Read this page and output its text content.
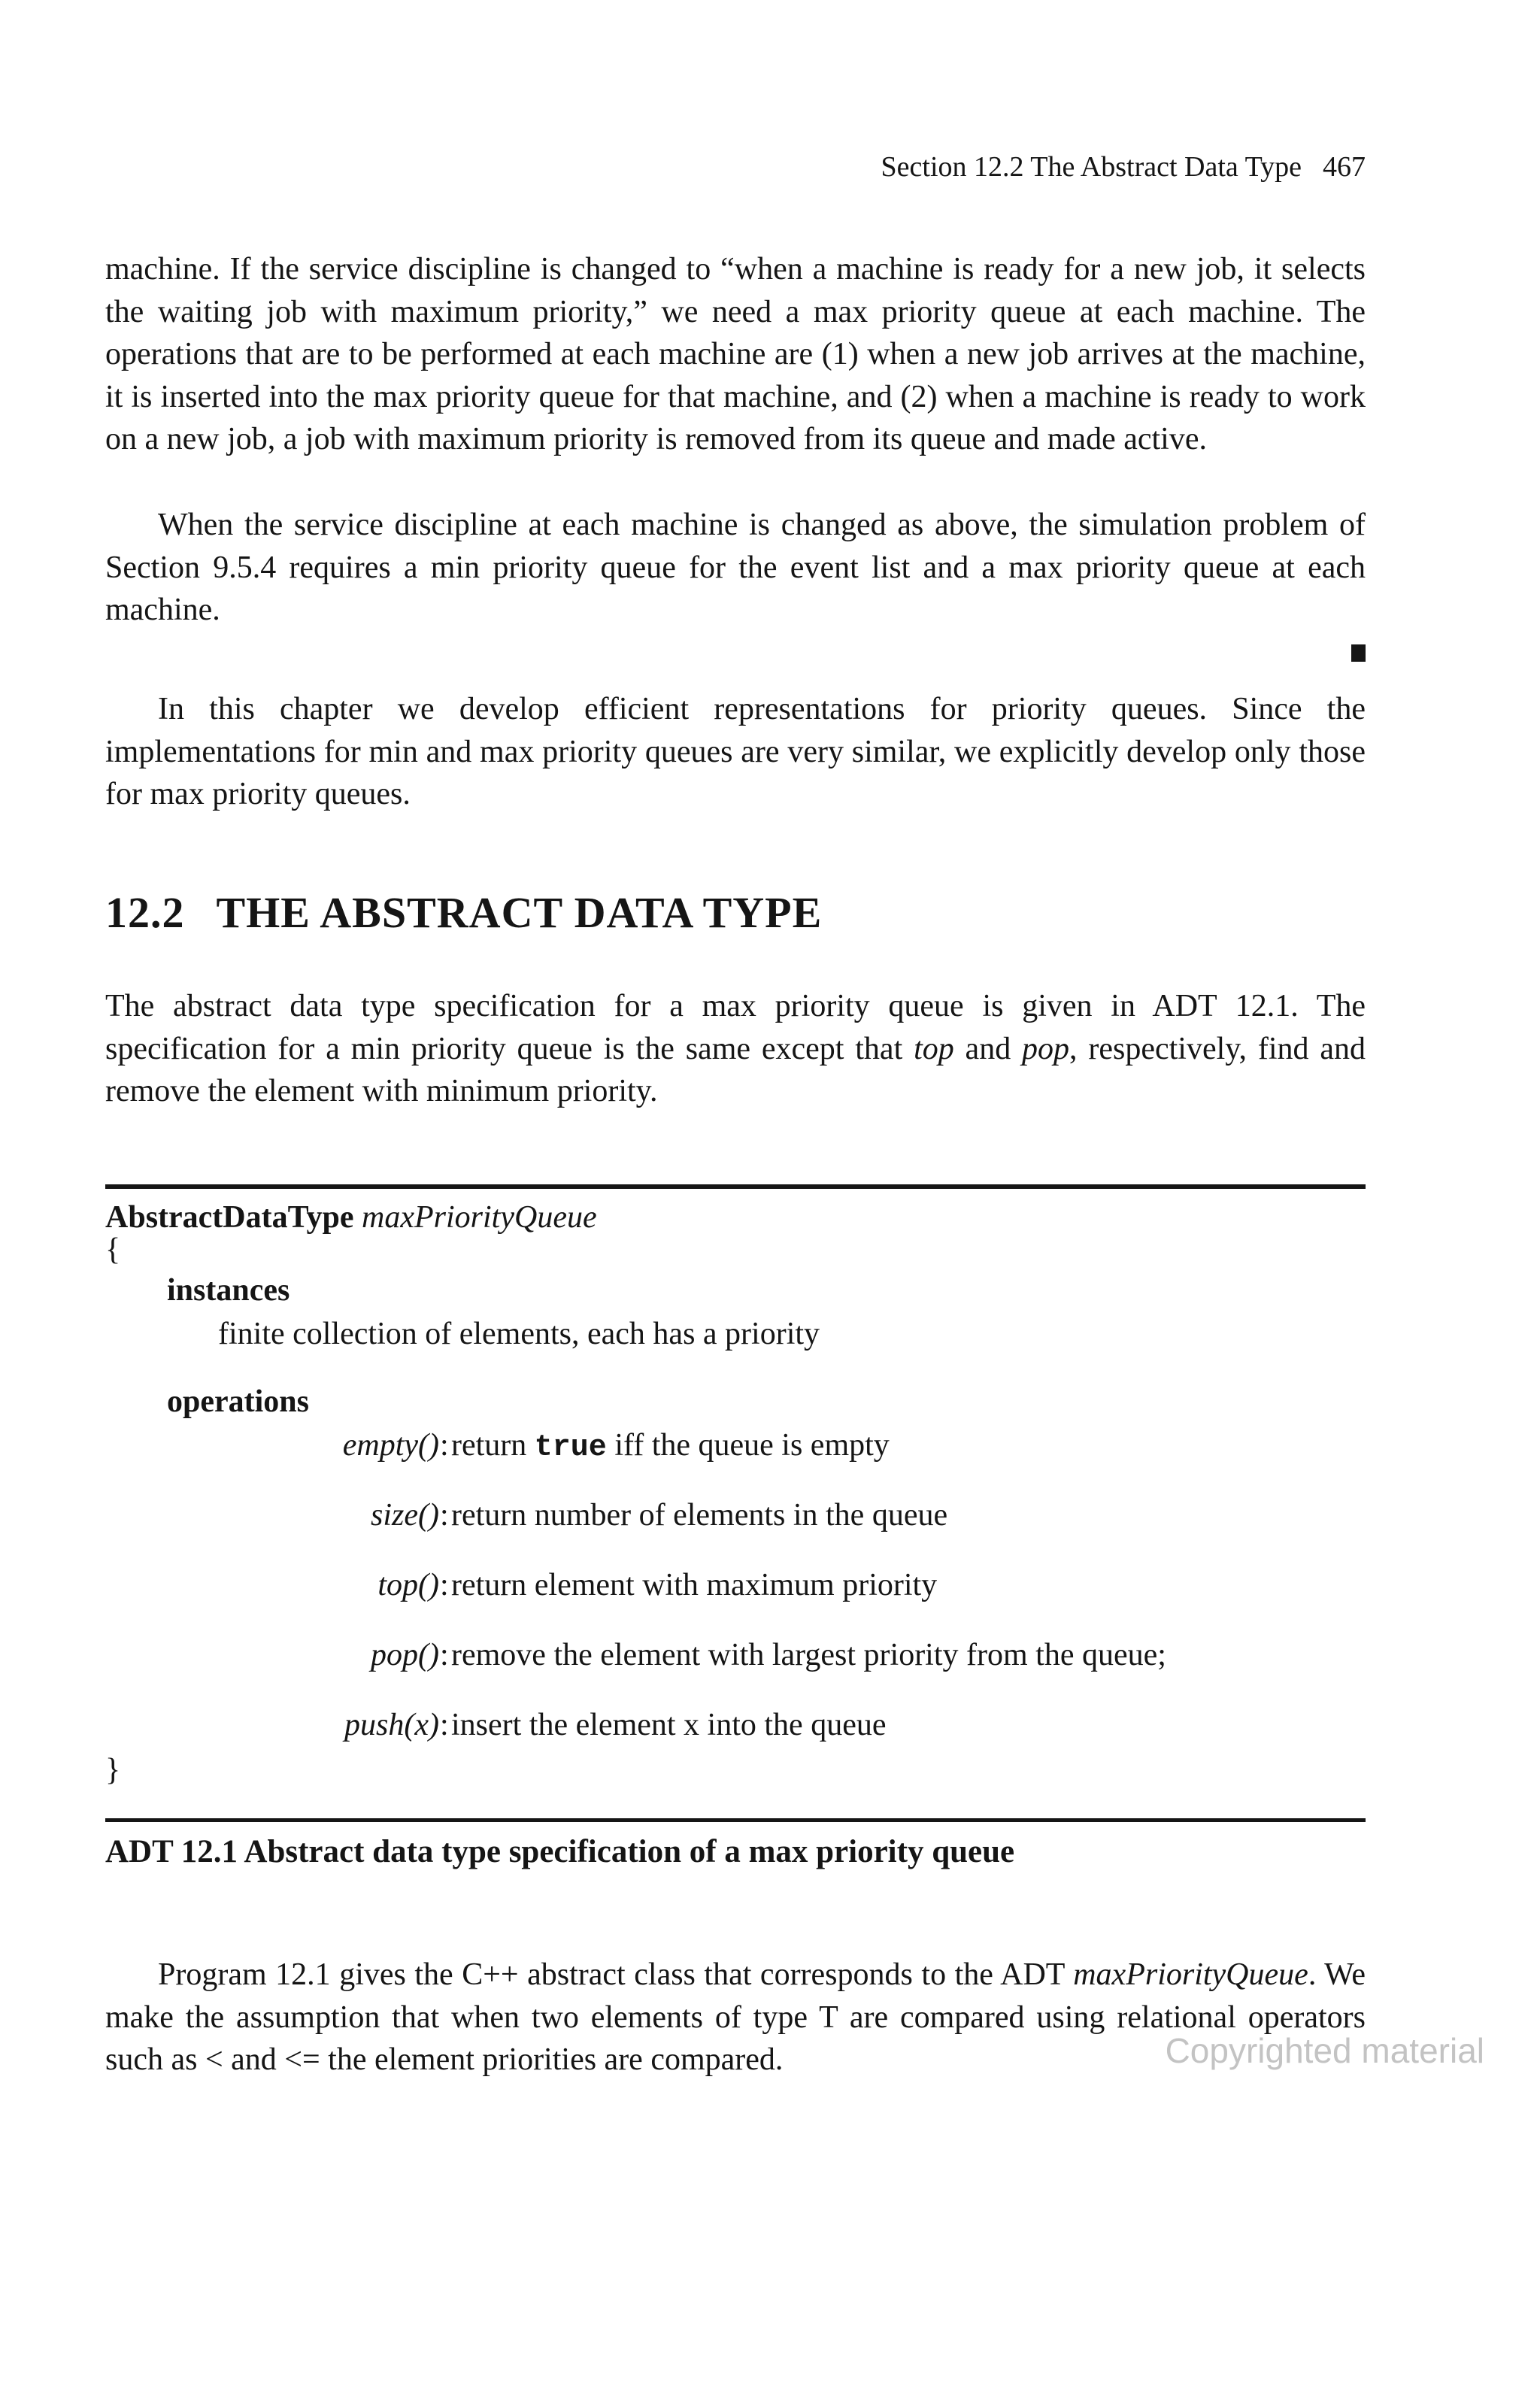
Section 12.2 The Abstract Data Type 467
machine. If the service discipline is changed to “when a machine is ready for a new job, it selects the waiting job with maximum priority,” we need a max priority queue at each machine. The operations that are to be performed at each machine are (1) when a new job arrives at the machine, it is inserted into the max priority queue for that machine, and (2) when a machine is ready to work on a new job, a job with maximum priority is removed from its queue and made active.
When the service discipline at each machine is changed as above, the simulation problem of Section 9.5.4 requires a min priority queue for the event list and a max priority queue at each machine.
In this chapter we develop efficient representations for priority queues. Since the implementations for min and max priority queues are very similar, we explicitly develop only those for max priority queues.
12.2 THE ABSTRACT DATA TYPE
The abstract data type specification for a max priority queue is given in ADT 12.1. The specification for a min priority queue is the same except that top and pop, respectively, find and remove the element with minimum priority.
AbstractDataType maxPriorityQueue
{
instances
finite collection of elements, each has a priority
operations
empty() : return true iff the queue is empty
size() : return number of elements in the queue
top() : return element with maximum priority
pop() : remove the element with largest priority from the queue;
push(x) : insert the element x into the queue
}
ADT 12.1 Abstract data type specification of a max priority queue
Program 12.1 gives the C++ abstract class that corresponds to the ADT maxPriorityQueue. We make the assumption that when two elements of type T are compared using relational operators such as < and <= the element priorities are compared.	Copyrighted material
